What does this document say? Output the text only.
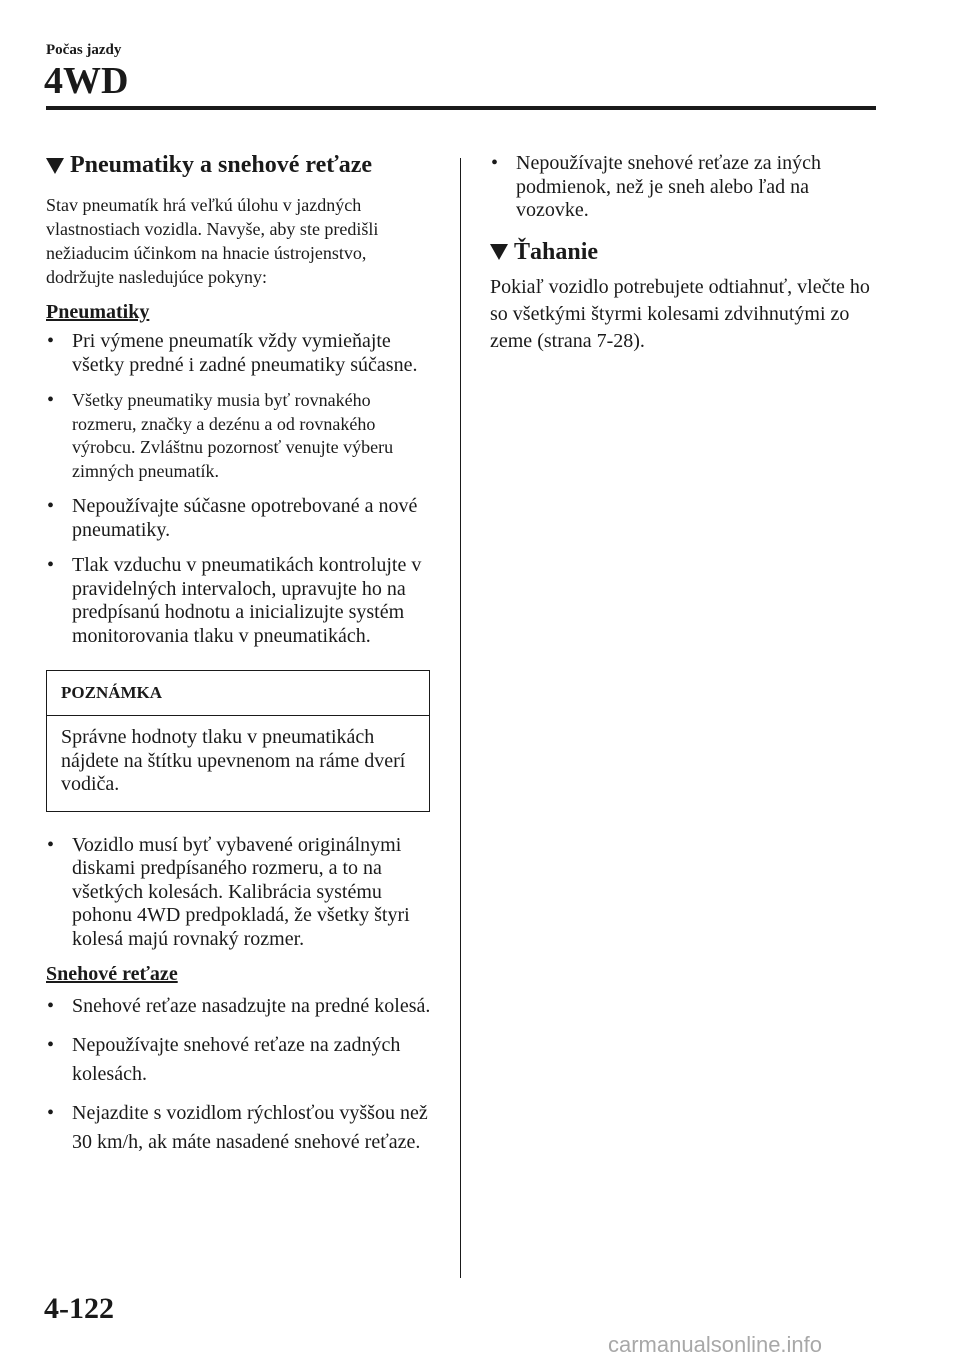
Počas jazdy
4WD
Pneumatiky a snehové reťaze

Stav pneumatík hrá veľkú úlohu v jazdných vlastnostiach vozidla. Navyše, aby ste predišli nežiaducim účinkom na hnacie ústrojenstvo, dodržujte nasledujúce pokyny:

Pneumatiky
• Pri výmene pneumatík vždy vymieňajte všetky predné i zadné pneumatiky súčasne.
• Všetky pneumatiky musia byť rovnakého rozmeru, značky a dezénu a od rovnakého výrobcu. Zvláštnu pozornosť venujte výberu zimných pneumatík.
• Nepoužívajte súčasne opotrebované a nové pneumatiky.
• Tlak vzduchu v pneumatikách kontrolujte v pravidelných intervaloch, upravujte ho na predpísanú hodnotu a inicializujte systém monitorovania tlaku v pneumatikách.
POZNÁMKA
Správne hodnoty tlaku v pneumatikách nájdete na štítku upevnenom na ráme dverí vodiča.
• Vozidlo musí byť vybavené originálnymi diskami predpísaného rozmeru, a to na všetkých kolesách. Kalibrácia systému pohonu 4WD predpokladá, že všetky štyri kolesá majú rovnaký rozmer.
Snehové reťaze
• Snehové reťaze nasadzujte na predné kolesá.
• Nepoužívajte snehové reťaze na zadných kolesách.
• Nejazdite s vozidlom rýchlosťou vyššou než 30 km/h, ak máte nasadené snehové reťaze.
• Nepoužívajte snehové reťaze za iných podmienok, než je sneh alebo ľad na vozovke.
Ťahanie

Pokiaľ vozidlo potrebujete odtiahnuť, vlečte ho so všetkými štyrmi kolesami zdvihnutými zo zeme (strana 7-28).

4-122
carmanualsonline.info
